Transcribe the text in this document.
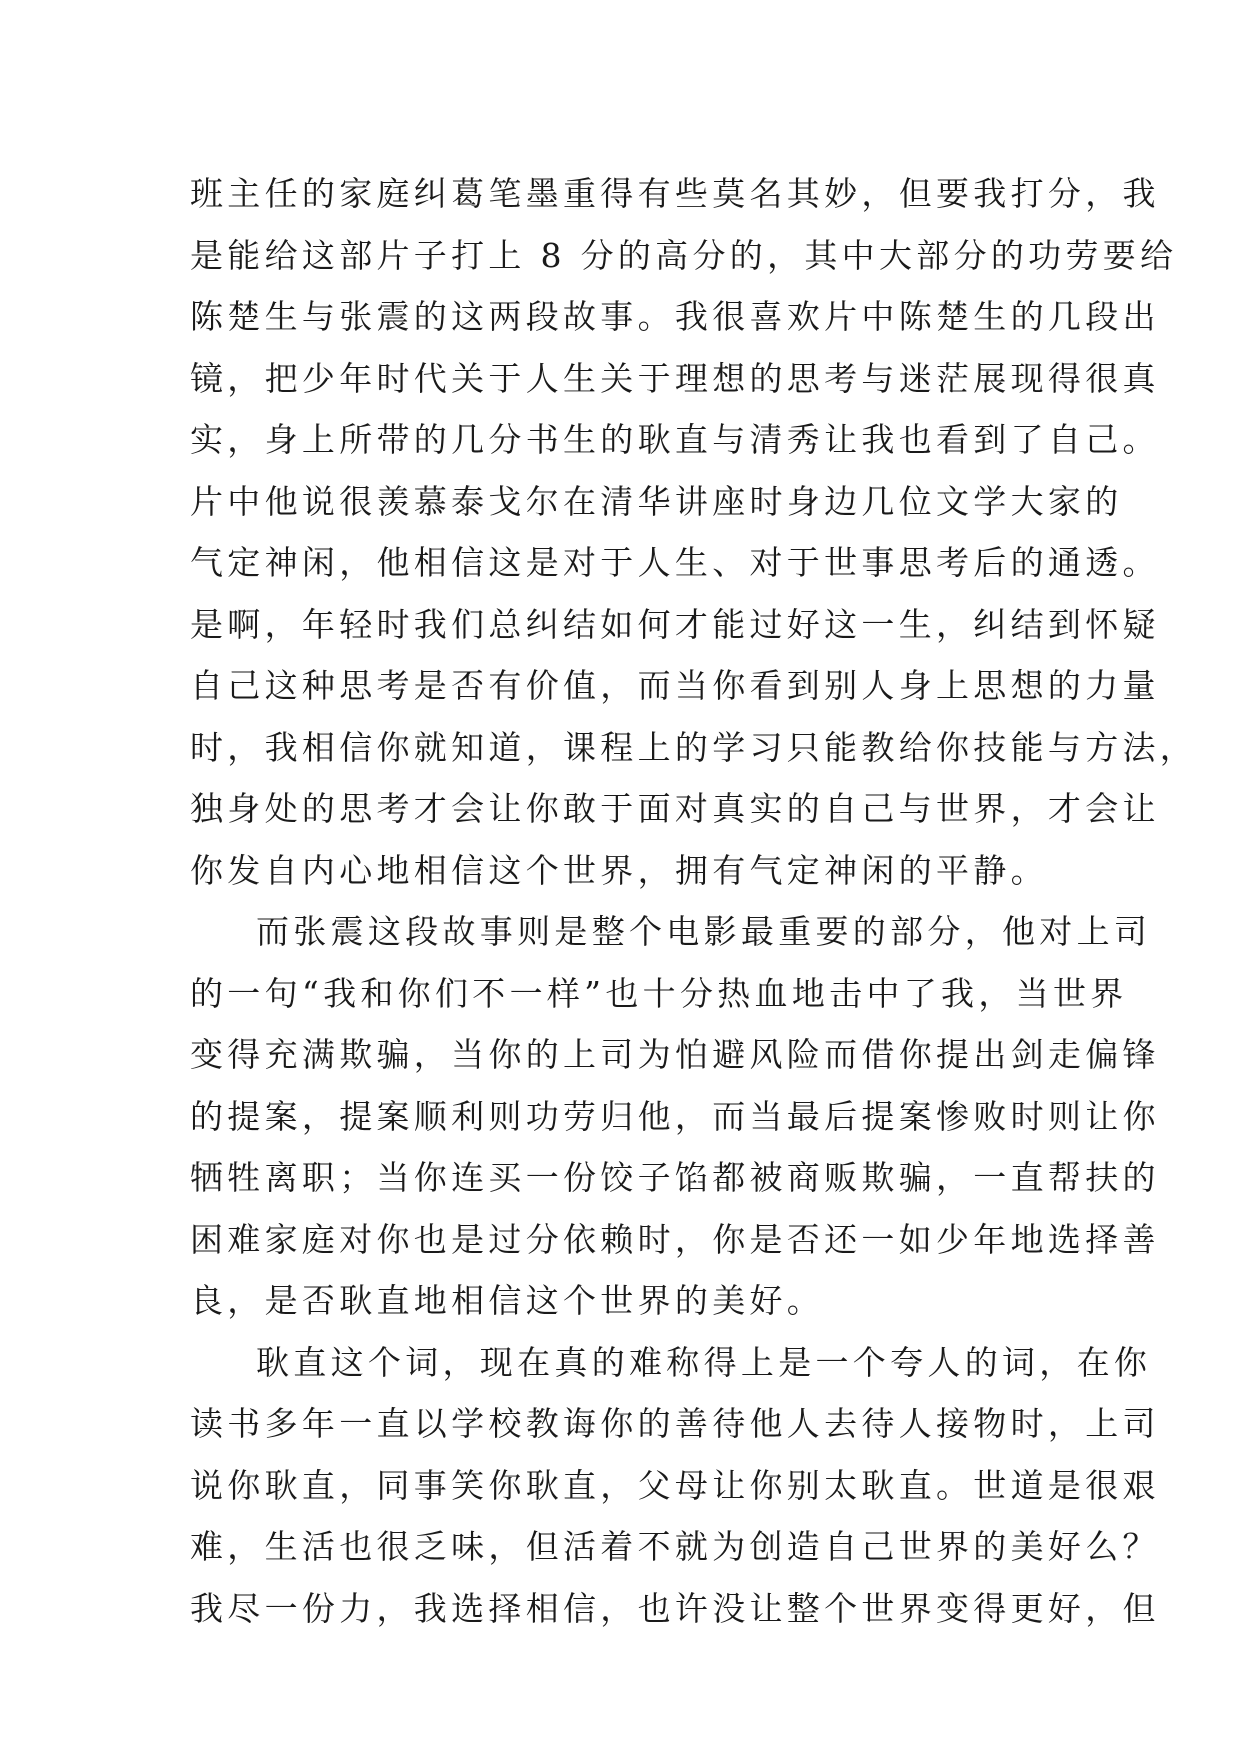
班主任的家庭纠葛笔墨重得有些莫名其妙，但要我打分，我
是能给这部片子打上 8 分的高分的，其中大部分的功劳要给
陈楚生与张震的这两段故事。我很喜欢片中陈楚生的几段出
镜，把少年时代关于人生关于理想的思考与迷茫展现得很真
实，身上所带的几分书生的耿直与清秀让我也看到了自己。
片中他说很羡慕泰戈尔在清华讲座时身边几位文学大家的
气定神闲，他相信这是对于人生、对于世事思考后的通透。
是啊，年轻时我们总纠结如何才能过好这一生，纠结到怀疑
自己这种思考是否有价值，而当你看到别人身上思想的力量
时，我相信你就知道，课程上的学习只能教给你技能与方法，
独身处的思考才会让你敢于面对真实的自己与世界，才会让
你发自内心地相信这个世界，拥有气定神闲的平静。
而张震这段故事则是整个电影最重要的部分，他对上司
的一句“我和你们不一样”也十分热血地击中了我，当世界
变得充满欺骗，当你的上司为怕避风险而借你提出剑走偏锋
的提案，提案顺利则功劳归他，而当最后提案惨败时则让你
牺牲离职；当你连买一份饺子馅都被商贩欺骗，一直帮扶的
困难家庭对你也是过分依赖时，你是否还一如少年地选择善
良，是否耿直地相信这个世界的美好。
耿直这个词，现在真的难称得上是一个夸人的词，在你
读书多年一直以学校教诲你的善待他人去待人接物时，上司
说你耿直，同事笑你耿直，父母让你别太耿直。世道是很艰
难，生活也很乏味，但活着不就为创造自己世界的美好么？
我尽一份力，我选择相信，也许没让整个世界变得更好，但
